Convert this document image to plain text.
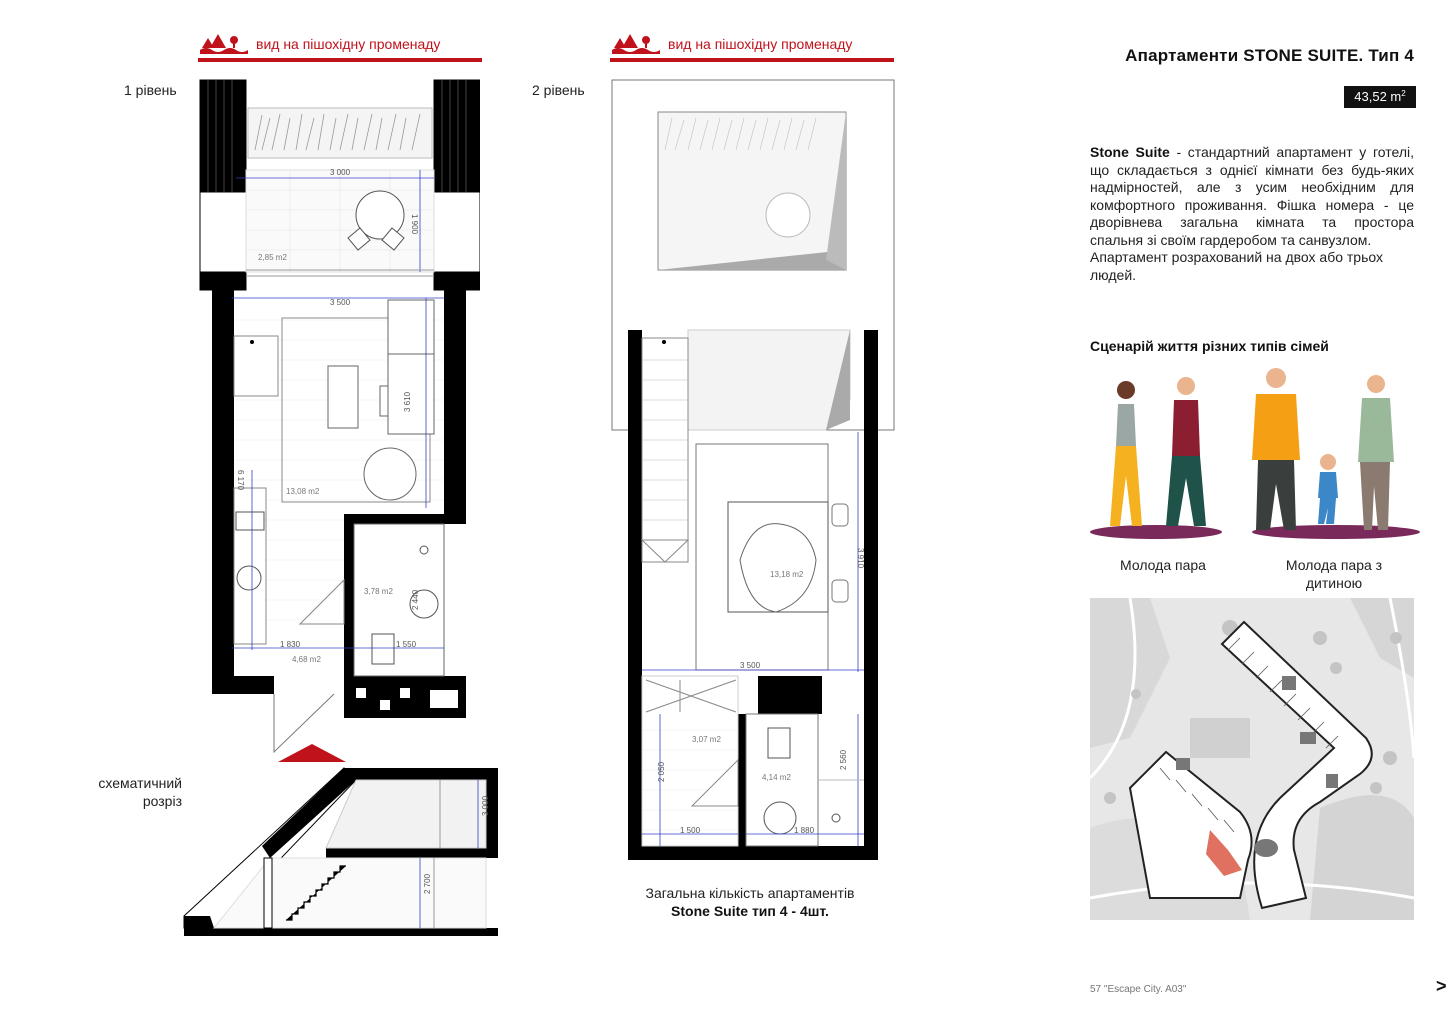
вид на пішохідну променаду	вид на пішохідну променаду
1 рівень	2 рівень
3 000
1 900
2,85 m2
3 500
3 610
6 170
13,08 m2
3,78 m2 2 440
1 830	1 550
4,68 m2
13,18 m2
3 910
3 500
3,07 m2
2 050
1 500
4,14 m2
2 560
1 880
схематичний розріз	3 000
2 700	Загальна кількість апартаментів
Stone Suite тип 4 - 4шт.
Апартаменти STONE SUITE. Тип 4
43,52 $m^2$
Stone Suite - стандартний апартамент у готелі, що складається з однієї кімнати без будь-яких надмірностей, але з усим необхідним для комфортного проживання. Фішка номера - це дворівнева загальна кімната та простора спальня зі своїм гардеробом та санвузлом.
Апартамент розрахований на двох або трьох людей.
Сценарій життя різних типів сімей
Молода пара	Молода пара з дитиною
57 "Escape City. A03"	>
